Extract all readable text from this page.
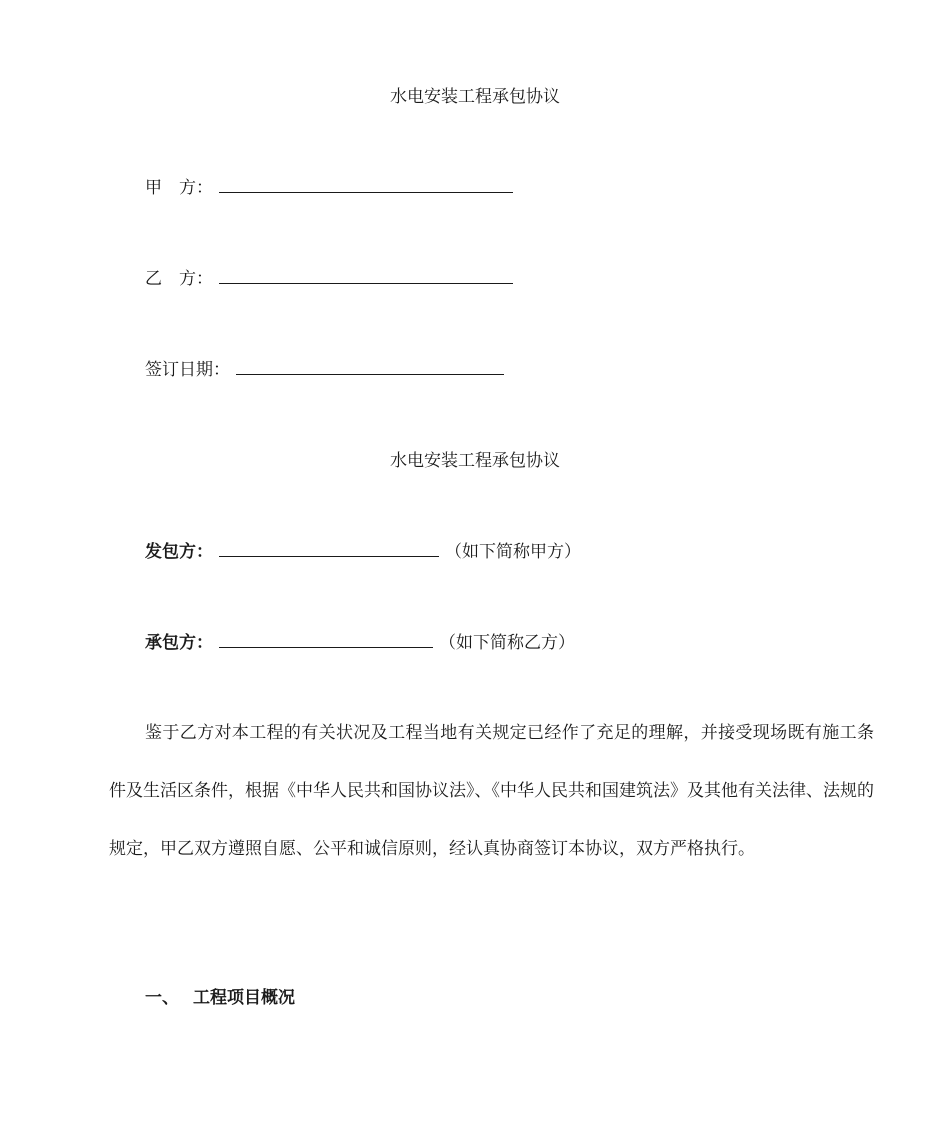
水电安装工程承包协议
甲　方：
乙　方：
签订日期：
水电安装工程承包协议
发包方：	（如下简称甲方）
承包方：	（如下简称乙方）
鉴于乙方对本工程的有关状况及工程当地有关规定已经作了充足的理解，并接受现场既有施工条件及生活区条件，根据《中华人民共和国协议法》、《中华人民共和国建筑法》及其他有关法律、法规的规定，甲乙双方遵照自愿、公平和诚信原则，经认真协商签订本协议，双方严格执行。
一、 工程项目概况
